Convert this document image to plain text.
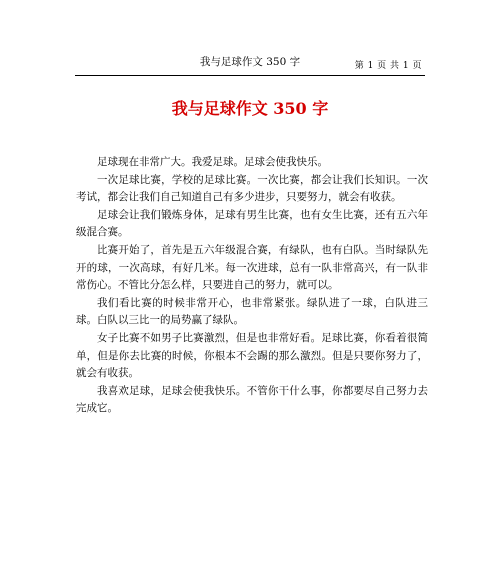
我与足球作文 350 字	第 1 页 共 1 页
我与足球作文 350 字

足球现在非常广大。我爱足球。足球会使我快乐。

一次足球比赛，学校的足球比赛。一次比赛，都会让我们长知识。一次考试，都会让我们自己知道自己有多少进步，只要努力，就会有收获。

足球会让我们锻炼身体，足球有男生比赛，也有女生比赛，还有五六年级混合赛。

比赛开始了，首先是五六年级混合赛，有绿队，也有白队。当时绿队先开的球，一次高球，有好几米。每一次进球，总有一队非常高兴，有一队非常伤心。不管比分怎么样，只要进自己的努力，就可以。

我们看比赛的时候非常开心，也非常紧张。绿队进了一球，白队进三球。白队以三比一的局势赢了绿队。

女子比赛不如男子比赛激烈，但是也非常好看。足球比赛，你看着很简单，但是你去比赛的时候，你根本不会踢的那么激烈。但是只要你努力了，就会有收获。

我喜欢足球，足球会使我快乐。不管你干什么事，你都要尽自己努力去完成它。
